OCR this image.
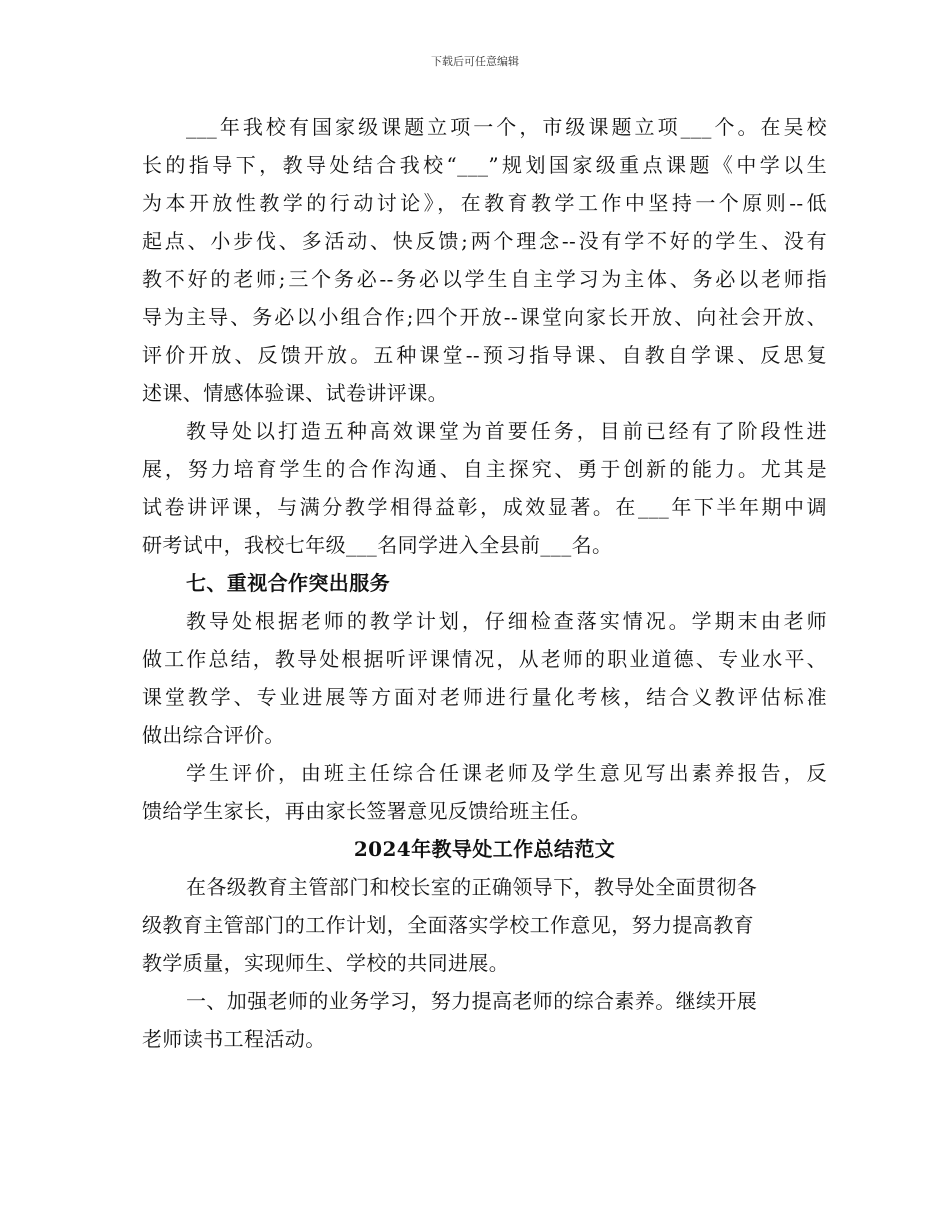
下载后可任意编辑
___年我校有国家级课题立项一个，市级课题立项___个。在吴校
长的指导下，教导处结合我校“___”规划国家级重点课题《中学以生
为本开放性教学的行动讨论》，在教育教学工作中坚持一个原则--低
起点、小步伐、多活动、快反馈;两个理念--没有学不好的学生、没有
教不好的老师;三个务必--务必以学生自主学习为主体、务必以老师指
导为主导、务必以小组合作;四个开放--课堂向家长开放、向社会开放、
评价开放、反馈开放。五种课堂--预习指导课、自教自学课、反思复
述课、情感体验课、试卷讲评课。
教导处以打造五种高效课堂为首要任务，目前已经有了阶段性进
展，努力培育学生的合作沟通、自主探究、勇于创新的能力。尤其是
试卷讲评课，与满分教学相得益彰，成效显著。在___年下半年期中调
研考试中，我校七年级___名同学进入全县前___名。
七、重视合作突出服务
教导处根据老师的教学计划，仔细检查落实情况。学期末由老师
做工作总结，教导处根据听评课情况，从老师的职业道德、专业水平、
课堂教学、专业进展等方面对老师进行量化考核，结合义教评估标准
做出综合评价。
学生评价，由班主任综合任课老师及学生意见写出素养报告，反
馈给学生家长，再由家长签署意见反馈给班主任。
2024年教导处工作总结范文
在各级教育主管部门和校长室的正确领导下，教导处全面贯彻各
级教育主管部门的工作计划，全面落实学校工作意见，努力提高教育
教学质量，实现师生、学校的共同进展。
一、加强老师的业务学习，努力提高老师的综合素养。继续开展
老师读书工程活动。
